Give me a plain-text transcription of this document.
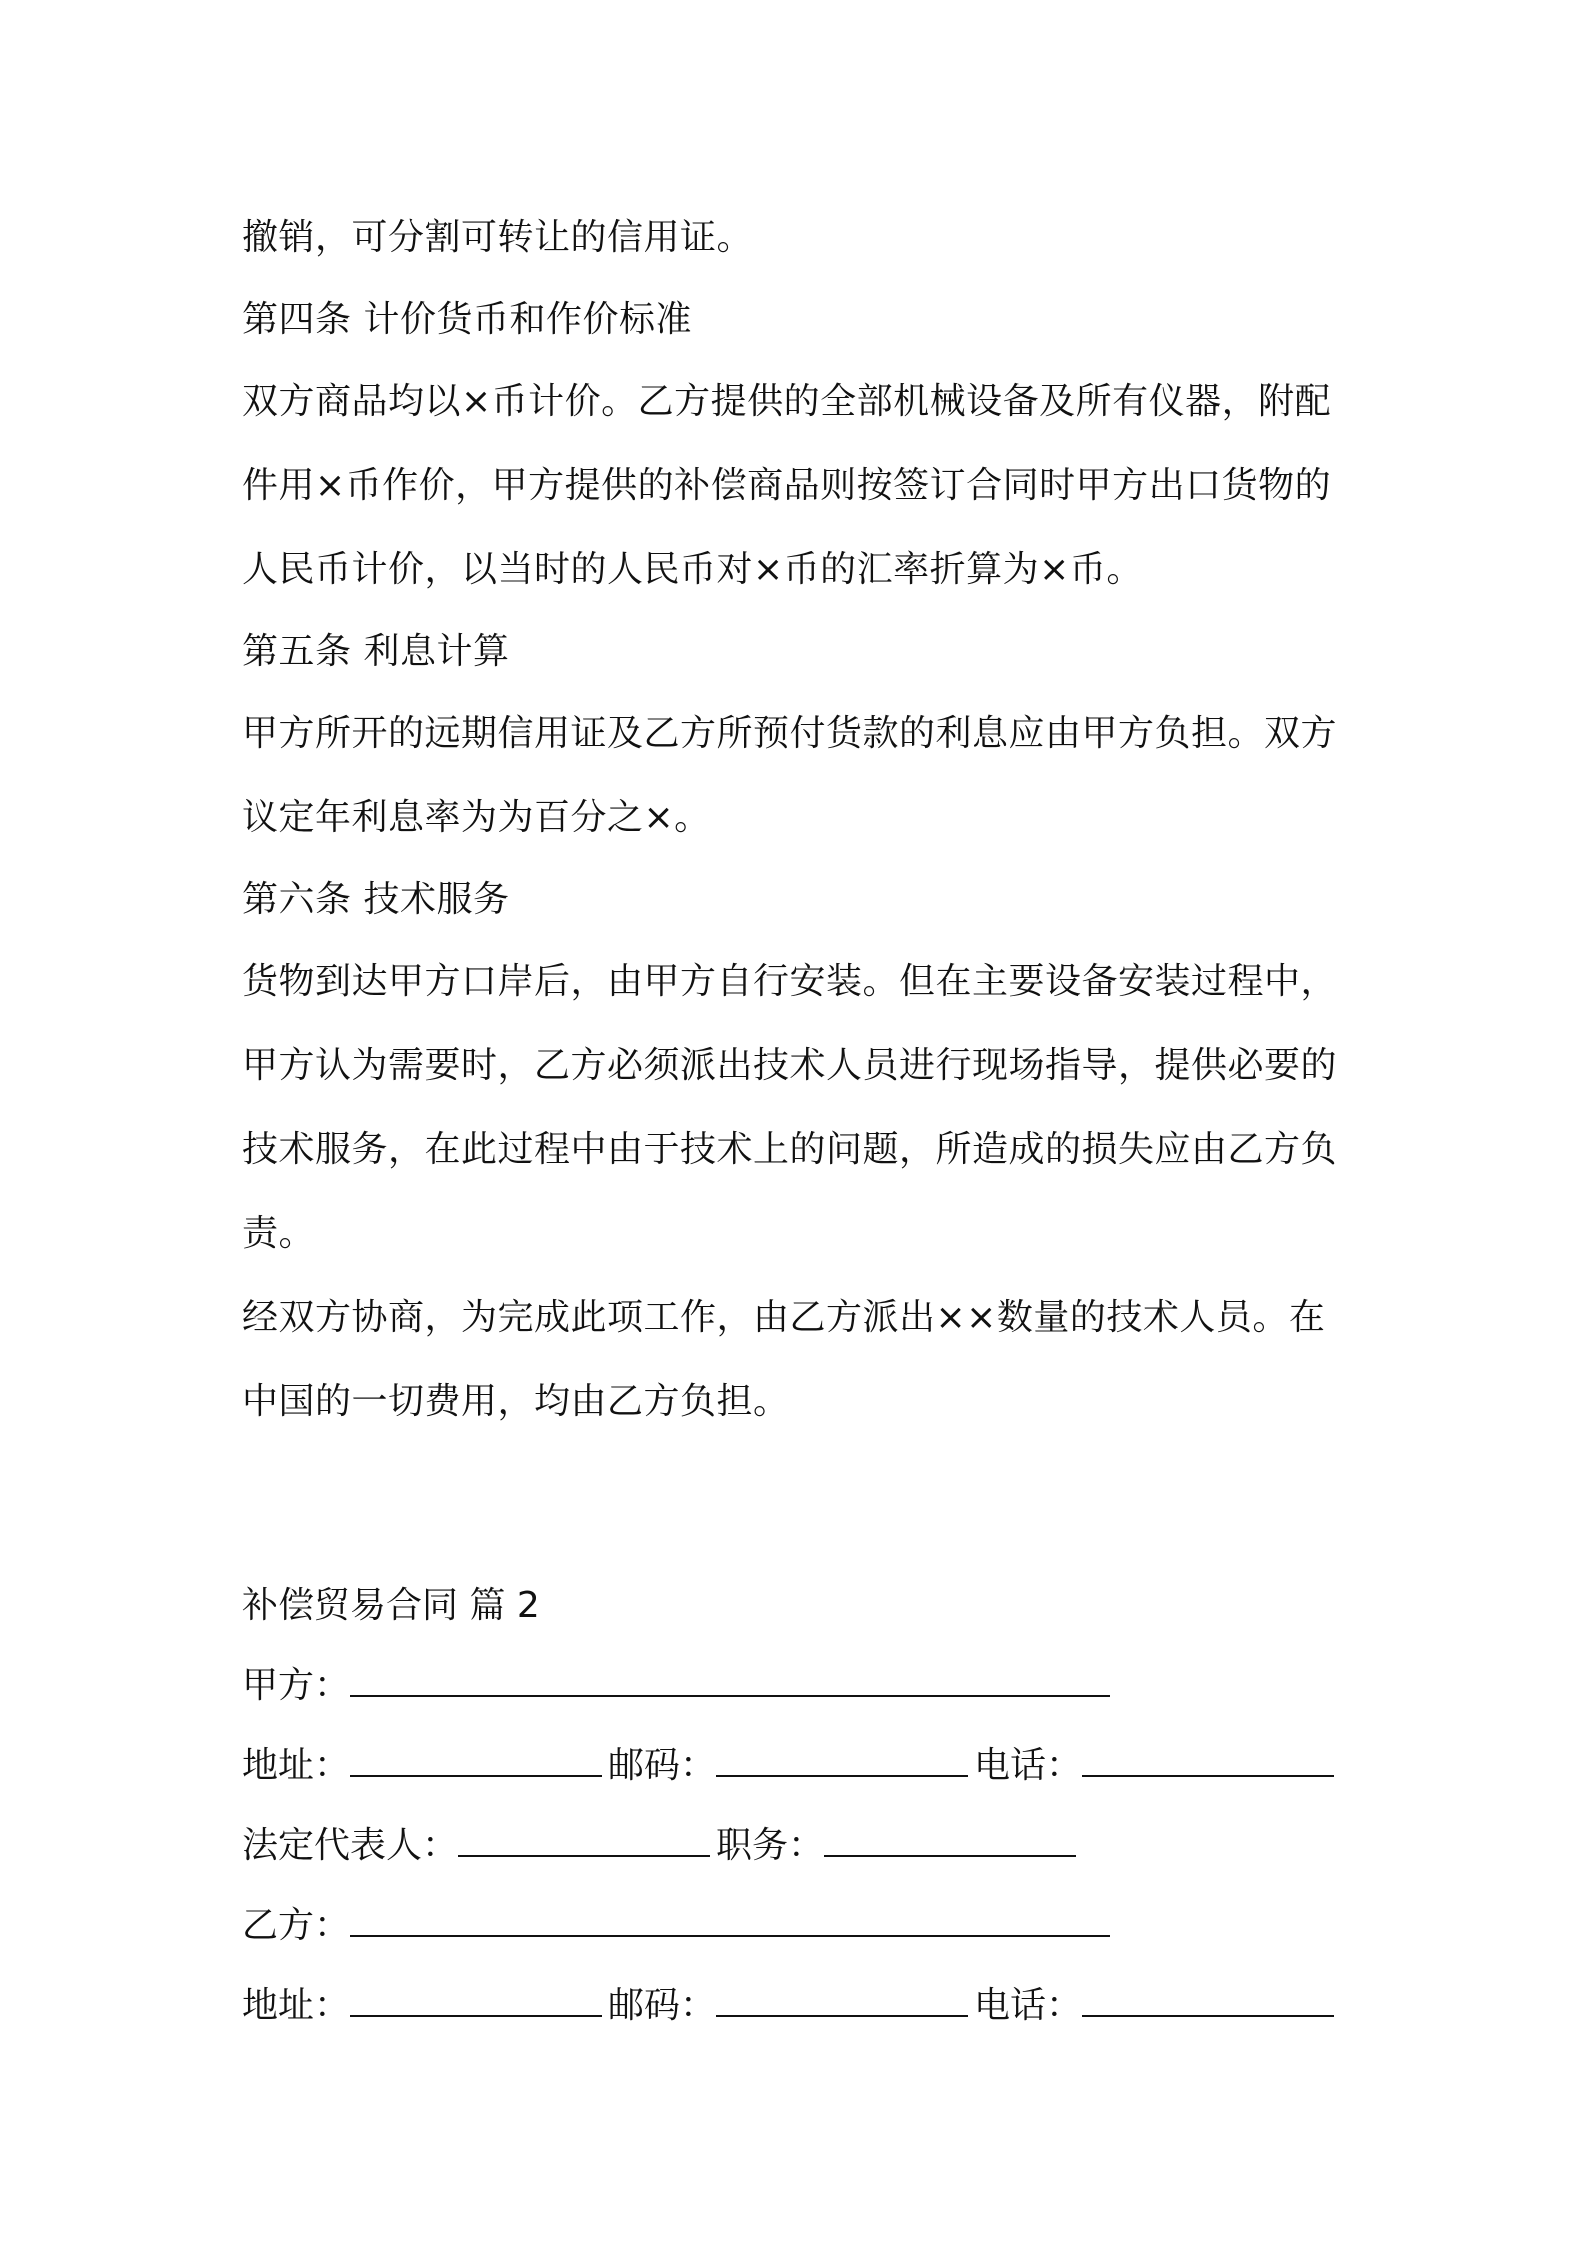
撤销，可分割可转让的信用证。
第四条 计价货币和作价标准
双方商品均以×币计价。乙方提供的全部机械设备及所有仪器，附配
件用×币作价，甲方提供的补偿商品则按签订合同时甲方出口货物的
人民币计价，以当时的人民币对×币的汇率折算为×币。
第五条 利息计算
甲方所开的远期信用证及乙方所预付货款的利息应由甲方负担。双方
议定年利息率为为百分之×。
第六条 技术服务
货物到达甲方口岸后，由甲方自行安装。但在主要设备安装过程中，
甲方认为需要时，乙方必须派出技术人员进行现场指导，提供必要的
技术服务，在此过程中由于技术上的问题，所造成的损失应由乙方负
责。
经双方协商，为完成此项工作，由乙方派出××数量的技术人员。在
中国的一切费用，均由乙方负担。
补偿贸易合同 篇 2
甲方：
地址：	邮码：	电话：
法定代表人：	职务：
乙方：
地址：	邮码：	电话：
